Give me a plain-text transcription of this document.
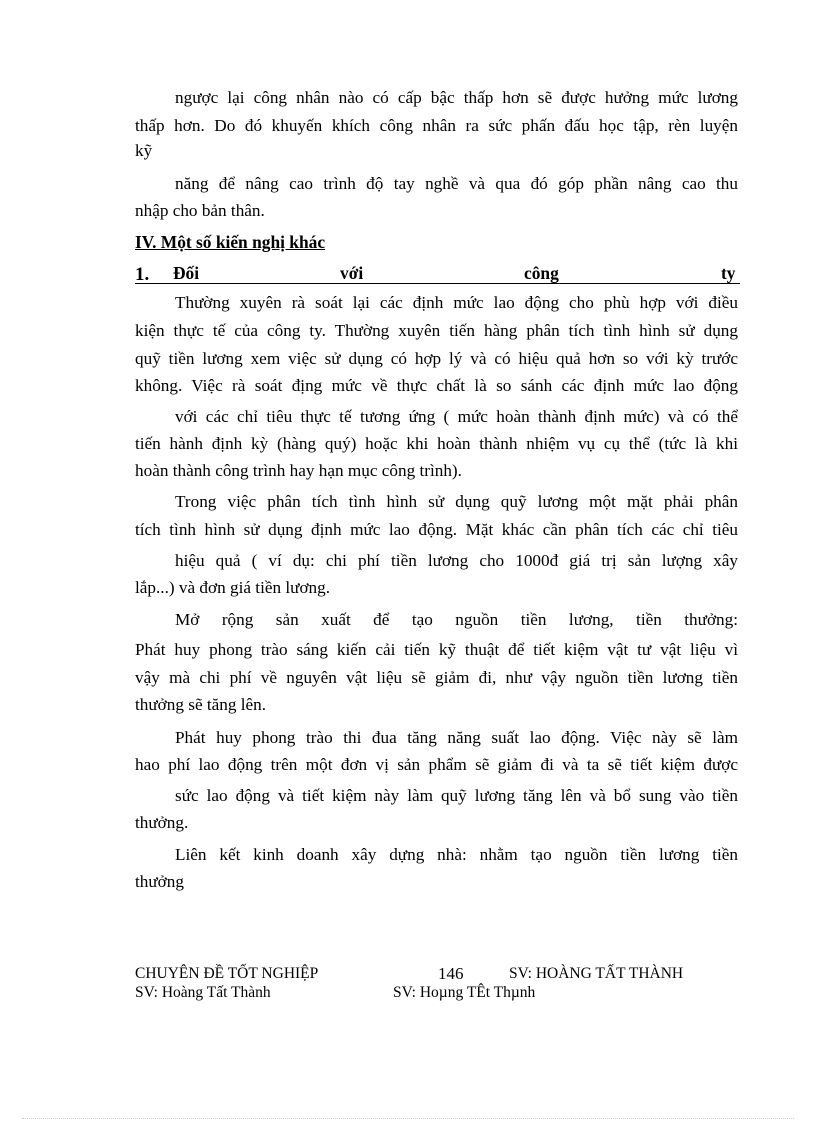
ngược lại công nhân nào có cấp bậc thấp hơn sẽ được hưởng mức lương
thấp hơn. Do đó khuyến khích công nhân ra sức phấn đấu học tập, rèn luyện
kỹ
năng để nâng cao trình độ tay nghề và qua đó góp phần nâng cao thu
nhập cho bản thân.
IV. Một số kiến nghị khác
1. Đối	với	công	ty
Thường xuyên rà soát lại các định mức lao động cho phù hợp với điều
kiện thực tế của công ty. Thường xuyên tiến hàng phân tích tình hình sử dụng
quỹ tiền lương xem việc sử dụng có hợp lý và có hiệu quả hơn so với kỳ trước
không. Việc rà soát địng mức về thực chất là so sánh các định mức lao động
với các chỉ tiêu thực tế tương ứng ( mức hoàn thành định mức) và có thể
tiến hành định kỳ (hàng quý) hoặc khi hoàn thành nhiệm vụ cụ thể (tức là khi
hoàn thành công trình hay hạn mục công trình).
Trong việc phân tích tình hình sử dụng quỹ lương một mặt phải phân
tích tình hình sử dụng định mức lao động. Mặt khác cần phân tích các chỉ tiêu
hiệu quả ( ví dụ: chi phí tiền lương cho 1000đ giá trị sản lượng xây
lắp...) và đơn giá tiền lương.
Mở rộng sản xuất để tạo nguồn tiền lương, tiền thưởng:
Phát huy phong trào sáng kiến cải tiến kỹ thuật để tiết kiệm vật tư vật liệu vì
vậy mà chi phí về nguyên vật liệu sẽ giảm đi, như vậy nguồn tiền lương tiền
thưởng sẽ tăng lên.
Phát huy phong trào thi đua tăng năng suất lao động. Việc này sẽ làm
hao phí lao động trên một đơn vị sản phẩm sẽ giảm đi và ta sẽ tiết kiệm được
sức lao động và tiết kiệm này làm quỹ lương tăng lên và bổ sung vào tiền
thưởng.
Liên kết kinh doanh xây dựng nhà: nhằm tạo nguồn tiền lương tiền
thưởng
CHUYÊN ĐỀ TỐT NGHIỆP	146	SV: HOÀNG TẤT THÀNH
SV: Hoàng Tất Thành	SV: Hoµng TÊt Thµnh
